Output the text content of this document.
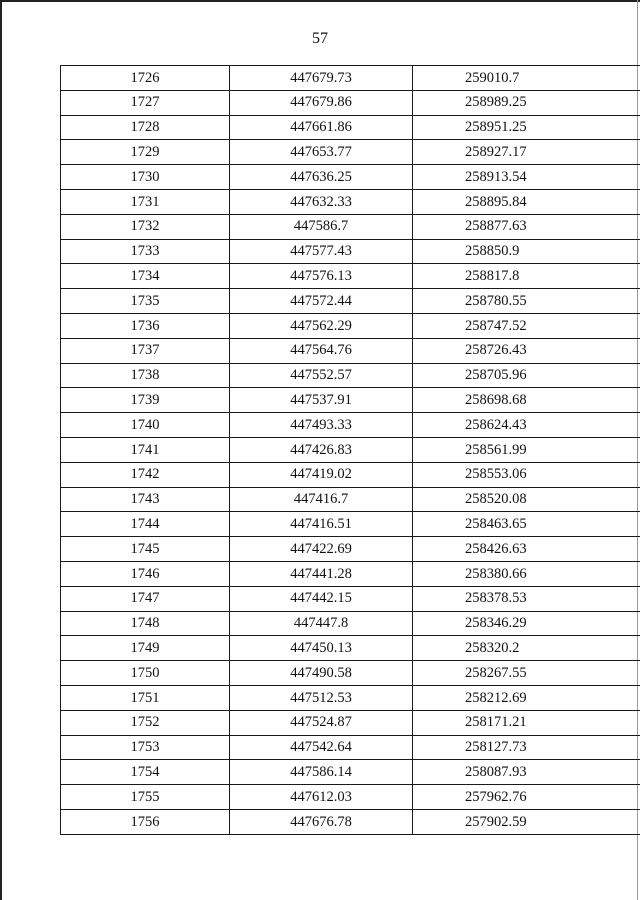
57
1726	447679.73	259010.7
1727	447679.86	258989.25
1728	447661.86	258951.25
1729	447653.77	258927.17
1730	447636.25	258913.54
1731	447632.33	258895.84
1732	447586.7	258877.63
1733	447577.43	258850.9
1734	447576.13	258817.8
1735	447572.44	258780.55
1736	447562.29	258747.52
1737	447564.76	258726.43
1738	447552.57	258705.96
1739	447537.91	258698.68
1740	447493.33	258624.43
1741	447426.83	258561.99
1742	447419.02	258553.06
1743	447416.7	258520.08
1744	447416.51	258463.65
1745	447422.69	258426.63
1746	447441.28	258380.66
1747	447442.15	258378.53
1748	447447.8	258346.29
1749	447450.13	258320.2
1750	447490.58	258267.55
1751	447512.53	258212.69
1752	447524.87	258171.21
1753	447542.64	258127.73
1754	447586.14	258087.93
1755	447612.03	257962.76
1756	447676.78	257902.59
